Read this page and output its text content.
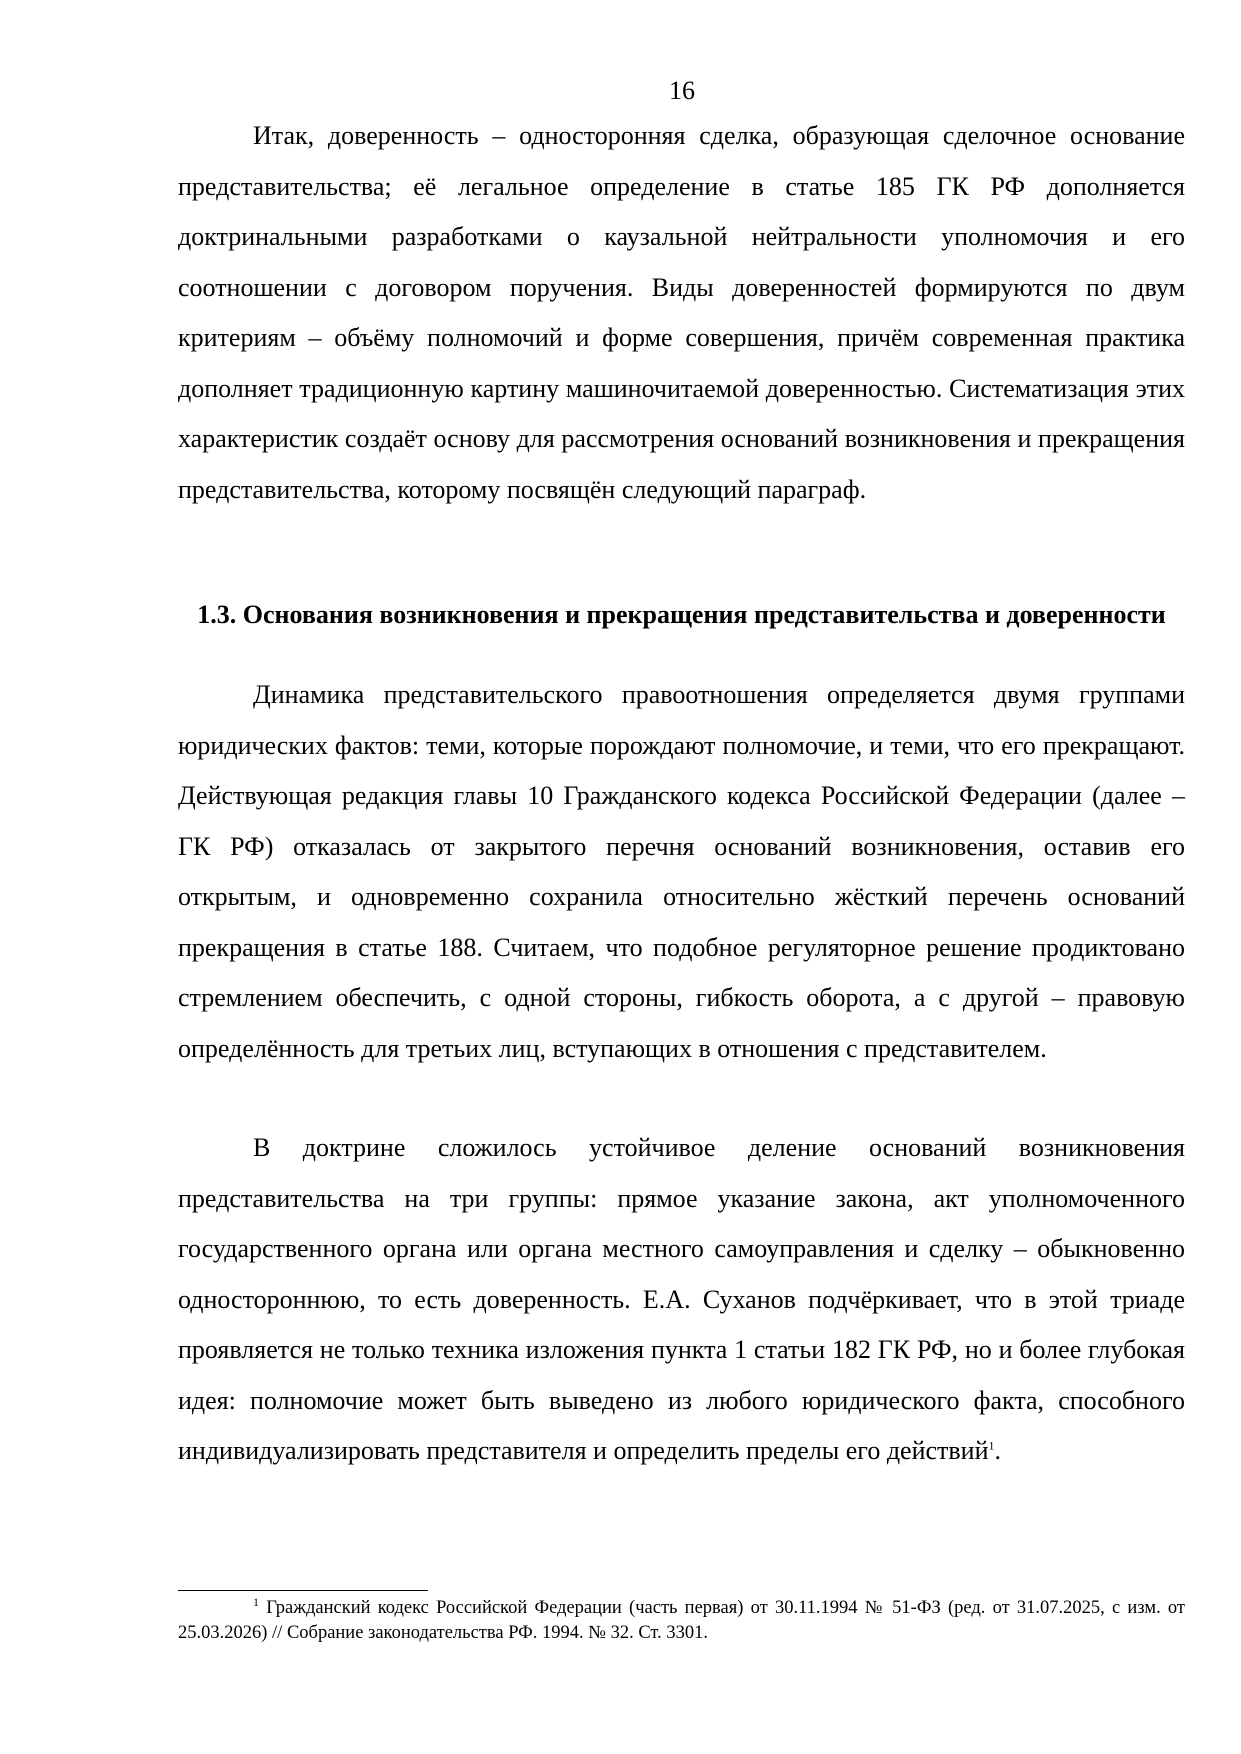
16

Итак, доверенность – односторонняя сделка, образующая сделочное основание представительства; её легальное определение в статье 185 ГК РФ дополняется доктринальными разработками о каузальной нейтральности уполномочия и его соотношении с договором поручения. Виды доверенностей формируются по двум критериям – объёму полномочий и форме совершения, причём современная практика дополняет традиционную картину машиночитаемой доверенностью. Систематизация этих характеристик создаёт основу для рассмотрения оснований возникновения и прекращения представительства, которому посвящён следующий параграф.

1.3. Основания возникновения и прекращения представительства и доверенности

Динамика представительского правоотношения определяется двумя группами юридических фактов: теми, которые порождают полномочие, и теми, что его прекращают. Действующая редакция главы 10 Гражданского кодекса Российской Федерации (далее – ГК РФ) отказалась от закрытого перечня оснований возникновения, оставив его открытым, и одновременно сохранила относительно жёсткий перечень оснований прекращения в статье 188. Считаем, что подобное регуляторное решение продиктовано стремлением обеспечить, с одной стороны, гибкость оборота, а с другой – правовую определённость для третьих лиц, вступающих в отношения с представителем.

В доктрине сложилось устойчивое деление оснований возникновения представительства на три группы: прямое указание закона, акт уполномоченного государственного органа или органа местного самоуправления и сделку – обыкновенно одностороннюю, то есть доверенность. Е.А. Суханов подчёркивает, что в этой триаде проявляется не только техника изложения пункта 1 статьи 182 ГК РФ, но и более глубокая идея: полномочие может быть выведено из любого юридического факта, способного индивидуализировать представителя и определить пределы его действий$^1$.

$^1$ Гражданский кодекс Российской Федерации (часть первая) от 30.11.1994 № 51-ФЗ (ред. от 31.07.2025, с изм. от 25.03.2026) // Собрание законодательства РФ. 1994. № 32. Ст. 3301.
